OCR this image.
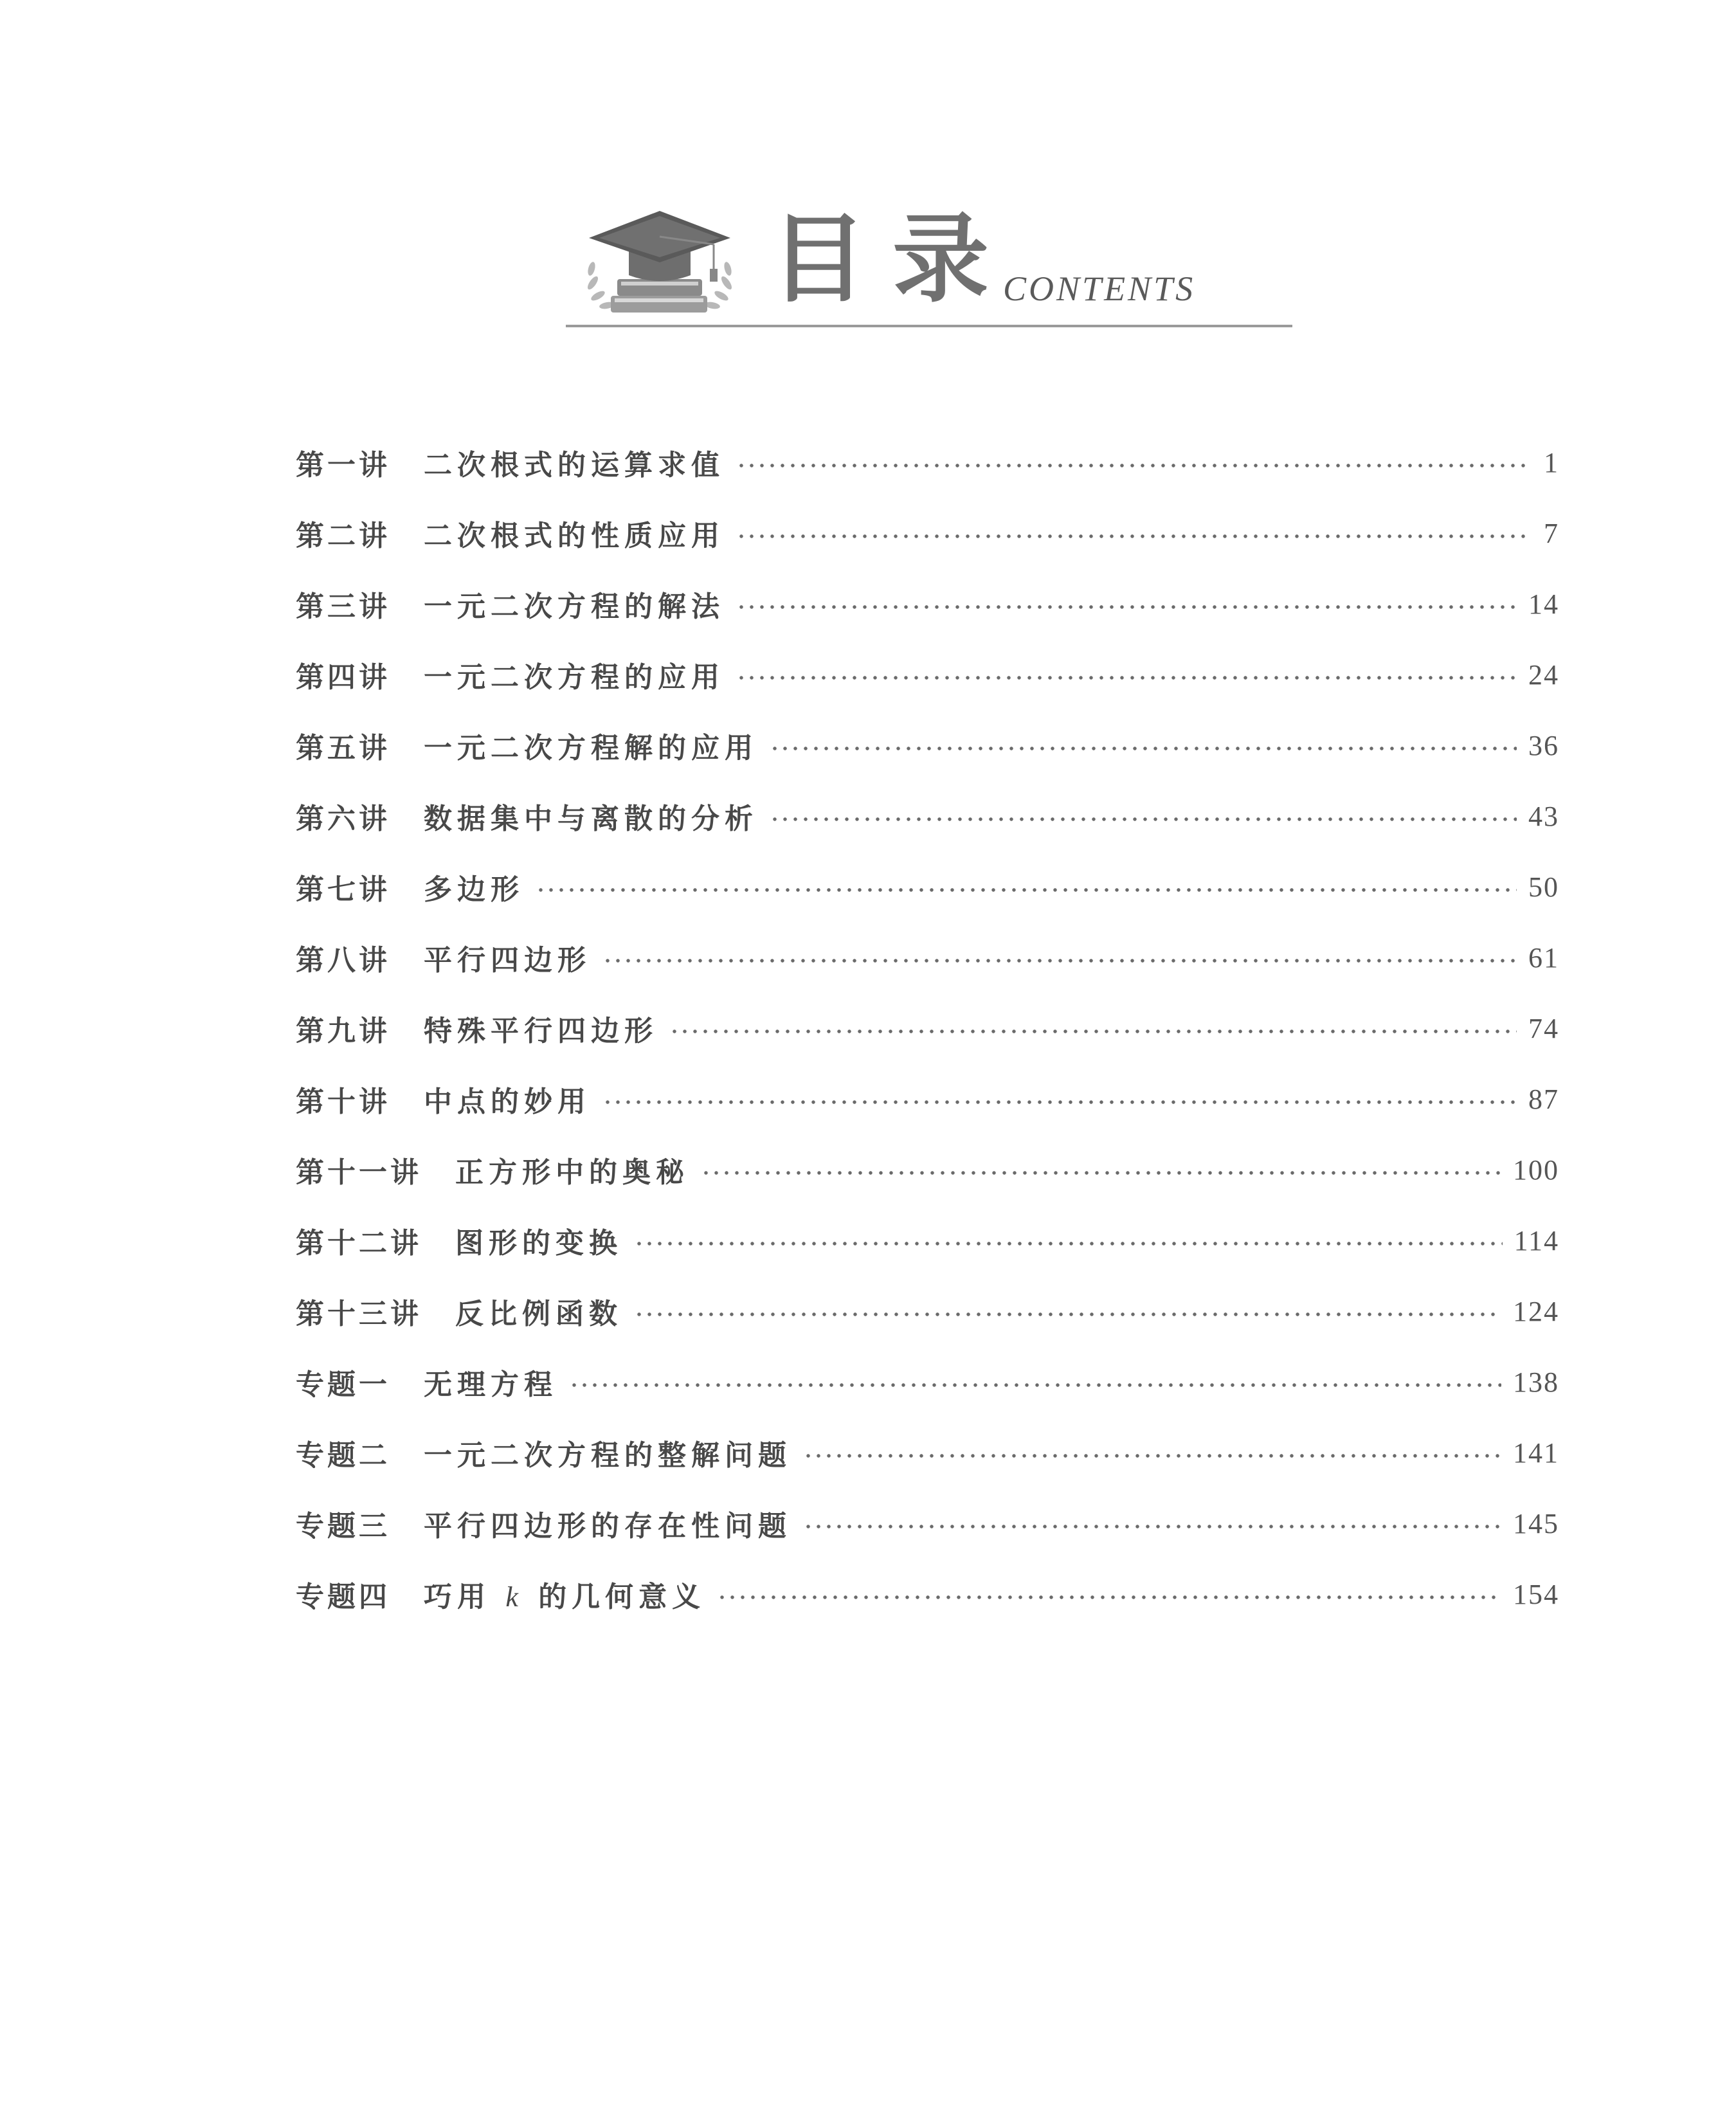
目录
CONTENTS
第一讲 二次根式的运算求值	1
第二讲 二次根式的性质应用	7
第三讲 一元二次方程的解法	14
第四讲 一元二次方程的应用	24
第五讲 一元二次方程解的应用	36
第六讲 数据集中与离散的分析	43
第七讲 多边形	50
第八讲 平行四边形	61
第九讲 特殊平行四边形	74
第十讲 中点的妙用	87
第十一讲 正方形中的奥秘	100
第十二讲 图形的变换	114
第十三讲 反比例函数	124
专题一 无理方程	138
专题二 一元二次方程的整解问题	141
专题三 平行四边形的存在性问题	145
专题四 巧用 k 的几何意义	154
